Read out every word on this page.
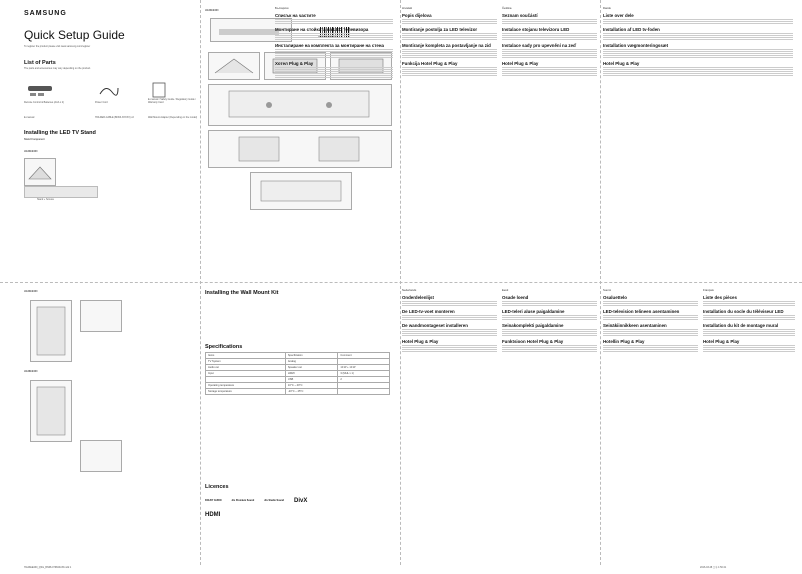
SAMSUNG
Quick Setup Guide
To register the product please visit www.samsung.com/register
List of Parts
The parts and accessories may vary depending on the product.
Remote Control & Batteries (AAA x 2)	Power Cord
E-manual / Safety Guide / Regulatory Guide / Warranty Card
E-manual	HOLDER-CABLE (BN63-XXXXX) x2	Wall Mount Adapter (Depending on the model)
Installing the LED TV Stand
Stand Component
HG43EE460
Stand + Screws
HG43EE460
Български
Списък на частите
Монтиране на стойката на LED телевизора
Инсталиране на комплекта за монтиране на стена
Хотел Plug & Play
Hrvatski
Popis dijelova
Montiranje postolja za LED televizor
Montiranje kompleta za postavljanje na zid
Funkcija Hotel Plug & Play
Čeština
Seznam součástí
Instalace stojanu televizoru LED
Instalace sady pro upevnění na zeď
Hotel Plug & Play
Dansk
Liste over dele
Installation af LED tv-foden
Installation vægmonteringssæt
Hotel Plug & Play
HG43EE460
HG48EE460
Installing the Wall Mount Kit
Specifications
Items	Specification	Comment
TV System	Analog	
Audio out	Speaker out	10 W + 10 W
Input	HDMI	3 (MHL x 1)
	USB	2
Operating temperature	10°C ~ 40°C	
Storage temperature	-20°C ~ 45°C	
Licences
DOLBY AUDIO	dts Premium Sound	dts Studio Sound DivX
HDMI
Nederlands
Onderdelenlijst
De LED-tv-voet monteren
De wandmontageset installeren
Hotel Plug & Play
Eesti
Osade loend
LED-teleri aluse paigaldamine
Seinakomplekti paigaldamine
Funktsioon Hotel Plug & Play
Suomi
Osaluettelo
LED-television telineen asentaminen
Seinäkiinnikkeen asentaminen
Hotellin Plug & Play
Français
Liste des pièces
Installation du socle du téléviseur LED
Installation du kit de montage mural
Hotel Plug & Play
HG43EE460_QSG_BN68-07984D-05.indd 1	2016-03-28 오후 1:50:41
